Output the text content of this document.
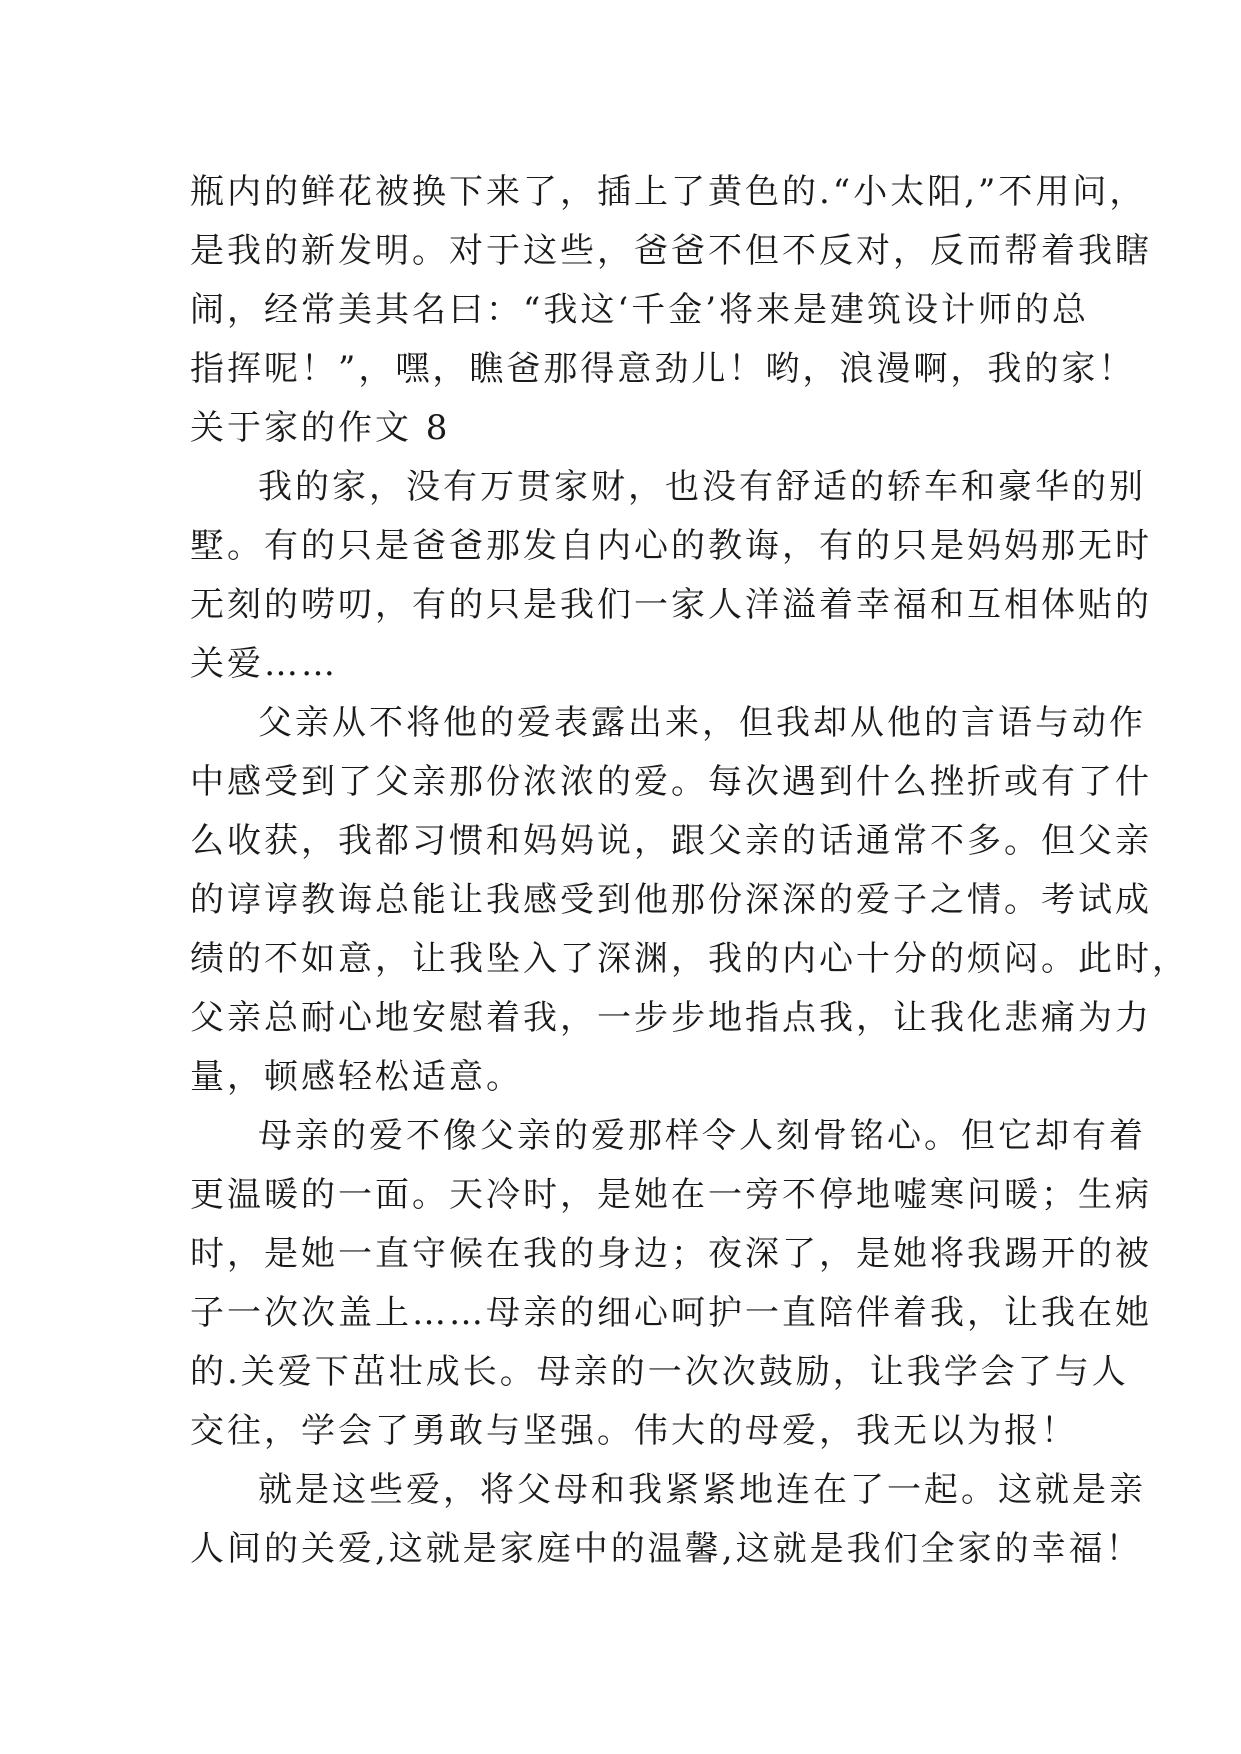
瓶内的鲜花被换下来了，插上了黄色的.“小太阳,”不用问，
是我的新发明。对于这些，爸爸不但不反对，反而帮着我瞎
闹，经常美其名曰：“我这‘千金’将来是建筑设计师的总
指挥呢！”，嘿，瞧爸那得意劲儿！哟，浪漫啊，我的家！
关于家的作文 8
我的家，没有万贯家财，也没有舒适的轿车和豪华的别
墅。有的只是爸爸那发自内心的教诲，有的只是妈妈那无时
无刻的唠叨，有的只是我们一家人洋溢着幸福和互相体贴的
关爱……
父亲从不将他的爱表露出来，但我却从他的言语与动作
中感受到了父亲那份浓浓的爱。每次遇到什么挫折或有了什
么收获，我都习惯和妈妈说，跟父亲的话通常不多。但父亲
的谆谆教诲总能让我感受到他那份深深的爱子之情。考试成
绩的不如意，让我坠入了深渊，我的内心十分的烦闷。此时，
父亲总耐心地安慰着我，一步步地指点我，让我化悲痛为力
量，顿感轻松适意。
母亲的爱不像父亲的爱那样令人刻骨铭心。但它却有着
更温暖的一面。天冷时，是她在一旁不停地嘘寒问暖；生病
时，是她一直守候在我的身边；夜深了，是她将我踢开的被
子一次次盖上……母亲的细心呵护一直陪伴着我，让我在她
的.关爱下茁壮成长。母亲的一次次鼓励，让我学会了与人
交往，学会了勇敢与坚强。伟大的母爱，我无以为报！
就是这些爱，将父母和我紧紧地连在了一起。这就是亲
人间的关爱,这就是家庭中的温馨,这就是我们全家的幸福！
